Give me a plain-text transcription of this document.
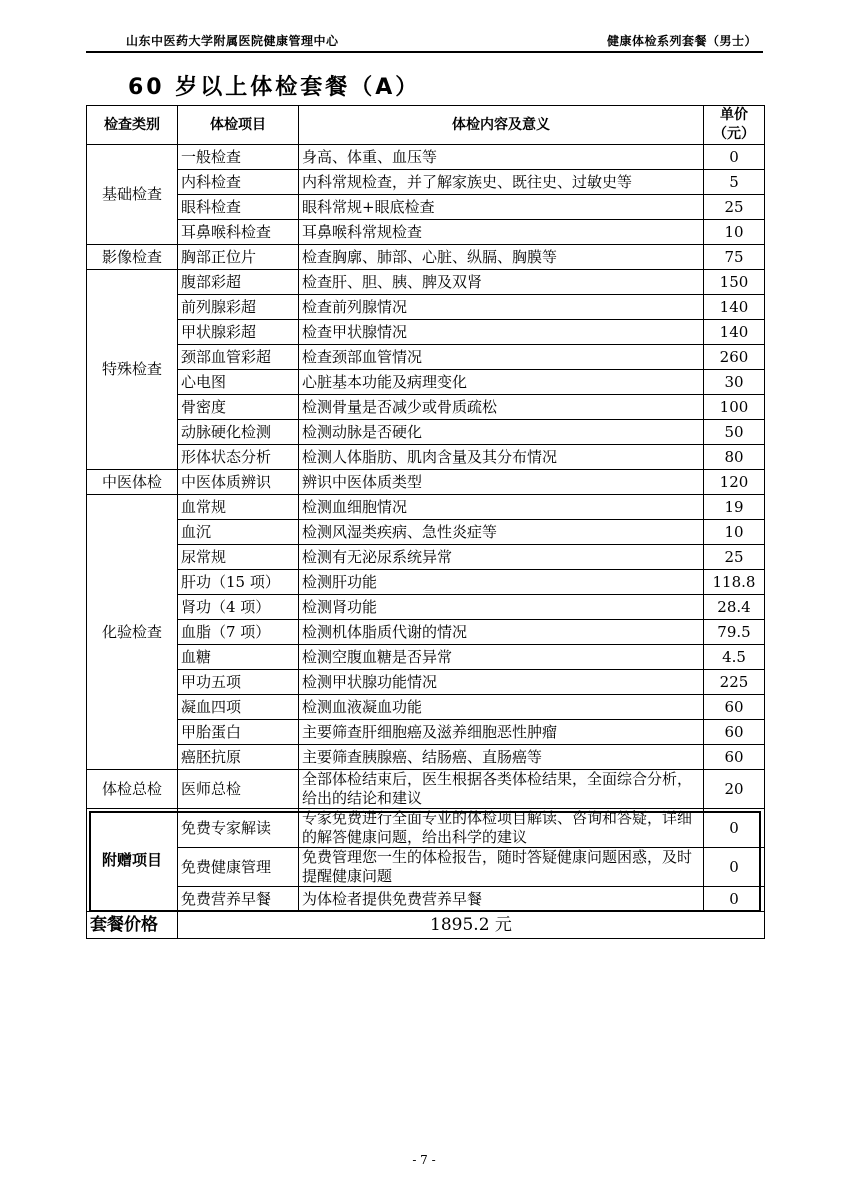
山东中医药大学附属医院健康管理中心	健康体检系列套餐（男士）
60 岁以上体检套餐（A）
检查类别	体检项目	体检内容及意义	单价（元）
基础检查	一般检查	身高、体重、血压等	0
	内科检查	内科常规检查，并了解家族史、既往史、过敏史等	5
	眼科检查	眼科常规+眼底检查	25
	耳鼻喉科检查	耳鼻喉科常规检查	10
影像检查	胸部正位片	检查胸廓、肺部、心脏、纵膈、胸膜等	75
特殊检查	腹部彩超	检查肝、胆、胰、脾及双肾	150
	前列腺彩超	检查前列腺情况	140
	甲状腺彩超	检查甲状腺情况	140
	颈部血管彩超	检查颈部血管情况	260
	心电图	心脏基本功能及病理变化	30
	骨密度	检测骨量是否减少或骨质疏松	100
	动脉硬化检测	检测动脉是否硬化	50
	形体状态分析	检测人体脂肪、肌肉含量及其分布情况	80
中医体检	中医体质辨识	辨识中医体质类型	120
化验检查	血常规	检测血细胞情况	19
	血沉	检测风湿类疾病、急性炎症等	10
	尿常规	检测有无泌尿系统异常	25
	肝功（15 项）	检测肝功能	118.8
	肾功（4 项）	检测肾功能	28.4
	血脂（7 项）	检测机体脂质代谢的情况	79.5
	血糖	检测空腹血糖是否异常	4.5
	甲功五项	检测甲状腺功能情况	225
	凝血四项	检测血液凝血功能	60
	甲胎蛋白	主要筛查肝细胞癌及滋养细胞恶性肿瘤	60
	癌胚抗原	主要筛查胰腺癌、结肠癌、直肠癌等	60
体检总检	医师总检	全部体检结束后，医生根据各类体检结果，全面综合分析，给出的结论和建议	20
附赠项目	免费专家解读	专家免费进行全面专业的体检项目解读、咨询和答疑，详细的解答健康问题，给出科学的建议	0
	免费健康管理	免费管理您一生的体检报告，随时答疑健康问题困惑，及时提醒健康问题	0
	免费营养早餐	为体检者提供免费营养早餐	0
套餐价格	1895.2 元		
- 7 -
